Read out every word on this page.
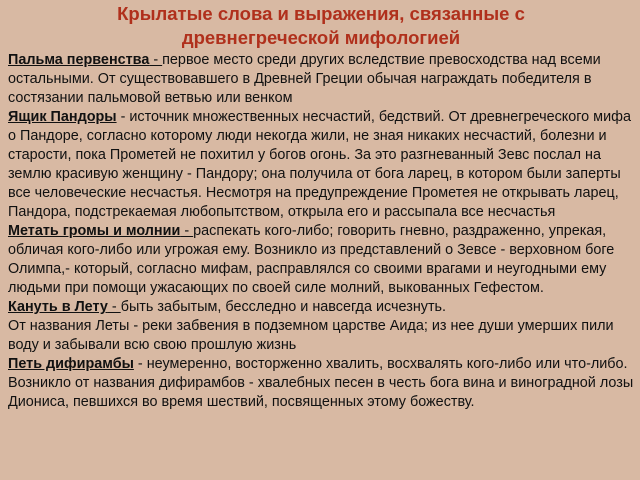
Крылатые слова и выражения, связанные с
древнегреческой мифологией

Пальма первенства - первое место среди других вследствие превосходства над всеми остальными. От существовавшего в Древней Греции обычая награждать победителя в состязании пальмовой ветвью или венком

Ящик Пандоры - источник множественных несчастий, бедствий. От древнегреческого мифа о Пандоре, согласно которому люди некогда жили, не зная никаких несчастий, болезни и старости, пока Прометей не похитил у богов огонь. За это разгневанный Зевс послал на землю красивую женщину - Пандору; она получила от бога ларец, в котором были заперты все человеческие несчастья. Несмотря на предупреждение Прометея не открывать ларец, Пандора, подстрекаемая любопытством, открыла его и рассыпала все несчастья

Метать громы и молнии - распекать кого-либо; говорить гневно, раздраженно, упрекая, обличая кого-либо или угрожая ему. Возникло из представлений о Зевсе - верховном боге Олимпа,- который, согласно мифам, расправлялся со своими врагами и неугодными ему людьми при помощи ужасающих по своей силе молний, выкованных Гефестом.

Кануть в Лету - быть забытым, бесследно и навсегда исчезнуть.

От названия Леты - реки забвения в подземном царстве Аида; из нее души умерших пили воду и забывали всю свою прошлую жизнь

Петь дифирамбы - неумеренно, восторженно хвалить, восхвалять кого-либо или что-либо. Возникло от названия дифирамбов - хвалебных песен в честь бога вина и виноградной лозы Диониса, певшихся во время шествий, посвященных этому божеству.
